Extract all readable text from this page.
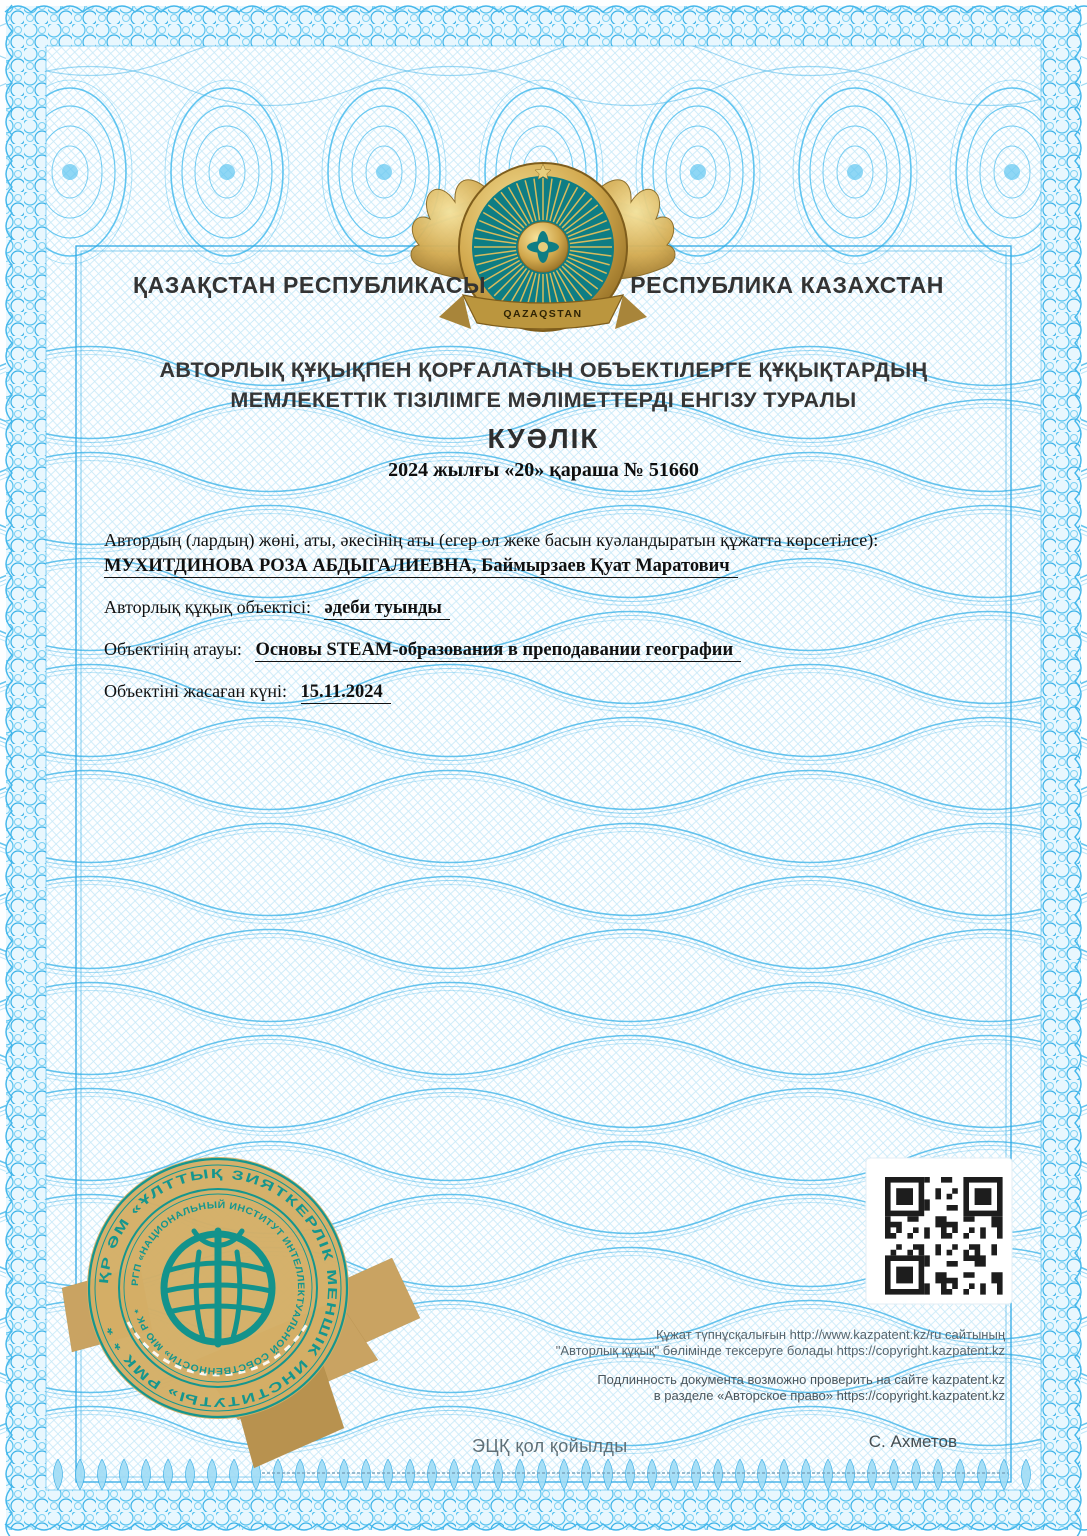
QAZAQSTAN
ҚР ӘМ «ҰЛТТЫҚ ЗИЯТКЕРЛІК МЕНШІК ИНСТИТУТЫ» РМК * *
РГП «НАЦИОНАЛЬНЫЙ ИНСТИТУТ ИНТЕЛЛЕКТУАЛЬНОЙ СОБСТВЕННОСТИ» МЮ РК *
ҚАЗАҚСТАН РЕСПУБЛИКАСЫ	РЕСПУБЛИКА КАЗАХСТАН
АВТОРЛЫҚ ҚҰҚЫҚПЕН ҚОРҒАЛАТЫН ОБЪЕКТІЛЕРГЕ ҚҰҚЫҚТАРДЫҢ
МЕМЛЕКЕТТІК ТІЗІЛІМГЕ МӘЛІМЕТТЕРДІ ЕНГІЗУ ТУРАЛЫ
КУӘЛІК
2024 жылғы «20» қараша № 51660
Автордың (лардың) жөні, аты, әкесінің аты (егер ол жеке басын куәландыратын құжатта көрсетілсе):
МУХИТДИНОВА РОЗА АБДЫГАЛИЕВНА, Баймырзаев Қуат Маратович
Авторлық құқық объектісі: әдеби туынды
Объектінің атауы: Основы STEAM-образования в преподавании географии
Объектіні жасаған күні: 15.11.2024
Құжат түпнұсқалығын http://www.kazpatent.kz/ru сайтының
"Авторлық құқық" бөлімінде тексеруге болады https://copyright.kazpatent.kz
Подлинность документа возможно проверить на сайте kazpatent.kz
в разделе «Авторское право» https://copyright.kazpatent.kz
ЭЦҚ қол қойылды	С. Ахметов
